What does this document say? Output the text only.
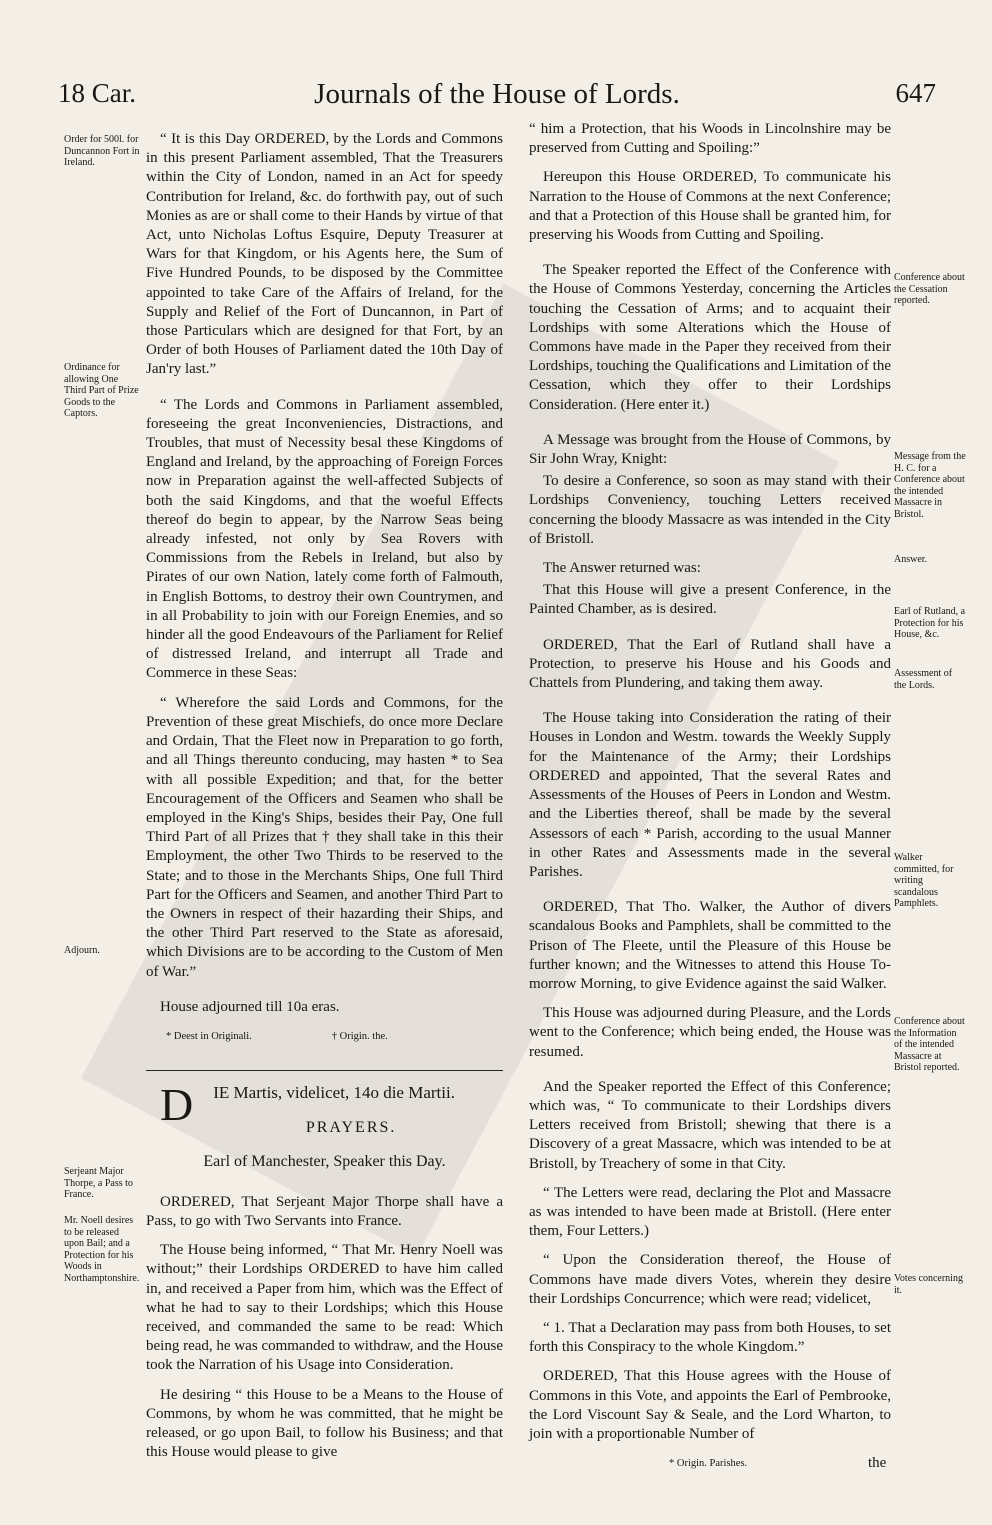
18 Car.	Journals of the House of Lords.	647

“ It is this Day ORDERED, by the Lords and Commons in this present Parliament assembled, That the Treasurers within the City of London, named in an Act for speedy Contribution for Ireland, &c. do forthwith pay, out of such Monies as are or shall come to their Hands by virtue of that Act, unto Nicholas Loftus Esquire, Deputy Treasurer at Wars for that Kingdom, or his Agents here, the Sum of Five Hundred Pounds, to be disposed by the Committee appointed to take Care of the Affairs of Ireland, for the Supply and Relief of the Fort of Duncannon, in Part of those Particulars which are designed for that Fort, by an Order of both Houses of Parliament dated the 10th Day of Jan'ry last.”

“ The Lords and Commons in Parliament assembled, foreseeing the great Inconveniencies, Distractions, and Troubles, that must of Necessity besal these Kingdoms of England and Ireland, by the approaching of Foreign Forces now in Preparation against the well-affected Subjects of both the said Kingdoms, and that the woeful Effects thereof do begin to appear, by the Narrow Seas being already infested, not only by Sea Rovers with Commissions from the Rebels in Ireland, but also by Pirates of our own Nation, lately come forth of Falmouth, in English Bottoms, to destroy their own Countrymen, and in all Probability to join with our Foreign Enemies, and so hinder all the good Endeavours of the Parliament for Relief of distressed Ireland, and interrupt all Trade and Commerce in these Seas:

“ Wherefore the said Lords and Commons, for the Prevention of these great Mischiefs, do once more Declare and Ordain, That the Fleet now in Preparation to go forth, and all Things thereunto conducing, may hasten * to Sea with all possible Expedition; and that, for the better Encouragement of the Officers and Seamen who shall be employed in the King's Ships, besides their Pay, One full Third Part of all Prizes that † they shall take in this their Employment, the other Two Thirds to be reserved to the State; and to those in the Merchants Ships, One full Third Part for the Officers and Seamen, and another Third Part to the Owners in respect of their hazarding their Ships, and the other Third Part reserved to the State as aforesaid, which Divisions are to be according to the Custom of Men of War.”

House adjourned till 10a eras.

* Deest in Originali.	† Origin. the.

D IE Martis, videlicet, 14o die Martii.

PRAYERS.
Earl of Manchester, Speaker this Day.

ORDERED, That Serjeant Major Thorpe shall have a Pass, to go with Two Servants into France.

The House being informed, “ That Mr. Henry Noell was without;” their Lordships ORDERED to have him called in, and received a Paper from him, which was the Effect of what he had to say to their Lordships; which this House received, and commanded the same to be read: Which being read, he was commanded to withdraw, and the House took the Narration of his Usage into Consideration.

He desiring “ this House to be a Means to the House of Commons, by whom he was committed, that he might be released, or go upon Bail, to follow his Business; and that this House would please to give

“ him a Protection, that his Woods in Lincolnshire may be preserved from Cutting and Spoiling:”

Hereupon this House ORDERED, To communicate his Narration to the House of Commons at the next Conference; and that a Protection of this House shall be granted him, for preserving his Woods from Cutting and Spoiling.

The Speaker reported the Effect of the Conference with the House of Commons Yesterday, concerning the Articles touching the Cessation of Arms; and to acquaint their Lordships with some Alterations which the House of Commons have made in the Paper they received from their Lordships, touching the Qualifications and Limitation of the Cessation, which they offer to their Lordships Consideration. (Here enter it.)

A Message was brought from the House of Commons, by Sir John Wray, Knight:

To desire a Conference, so soon as may stand with their Lordships Conveniency, touching Letters received concerning the bloody Massacre as was intended in the City of Bristoll.

The Answer returned was:

That this House will give a present Conference, in the Painted Chamber, as is desired.

ORDERED, That the Earl of Rutland shall have a Protection, to preserve his House and his Goods and Chattels from Plundering, and taking them away.

The House taking into Consideration the rating of their Houses in London and Westm. towards the Weekly Supply for the Maintenance of the Army; their Lordships ORDERED and appointed, That the several Rates and Assessments of the Houses of Peers in London and Westm. and the Liberties thereof, shall be made by the several Assessors of each * Parish, according to the usual Manner in other Rates and Assessments made in the several Parishes.

ORDERED, That Tho. Walker, the Author of divers scandalous Books and Pamphlets, shall be committed to the Prison of The Fleete, until the Pleasure of this House be further known; and the Witnesses to attend this House To-morrow Morning, to give Evidence against the said Walker.

This House was adjourned during Pleasure, and the Lords went to the Conference; which being ended, the House was resumed.

And the Speaker reported the Effect of this Conference; which was, “ To communicate to their Lordships divers Letters received from Bristoll; shewing that there is a Discovery of a great Massacre, which was intended to be at Bristoll, by Treachery of some in that City.

“ The Letters were read, declaring the Plot and Massacre as was intended to have been made at Bristoll. (Here enter them, Four Letters.)

“ Upon the Consideration thereof, the House of Commons have made divers Votes, wherein they desire their Lordships Concurrence; which were read; videlicet,

“ 1. That a Declaration may pass from both Houses, to set forth this Conspiracy to the whole Kingdom.”

ORDERED, That this House agrees with the House of Commons in this Vote, and appoints the Earl of Pembrooke, the Lord Viscount Say & Seale, and the Lord Wharton, to join with a proportionable Number of

* Origin. Parishes.
Order for 500l. for Duncannon Fort in Ireland.
Ordinance for allowing One Third Part of Prize Goods to the Captors.
Adjourn.
Serjeant Major Thorpe, a Pass to France.
Mr. Noell desires to be released upon Bail; and a Protection for his Woods in Northamptonshire.
Conference about the Cessation reported.
Message from the H. C. for a Conference about the intended Massacre in Bristol.
Answer.
Earl of Rutland, a Protection for his House, &c.
Assessment of the Lords.
Walker committed, for writing scandalous Pamphlets.
Conference about the Information of the intended Massacre at Bristol reported.
Votes concerning it.
the
